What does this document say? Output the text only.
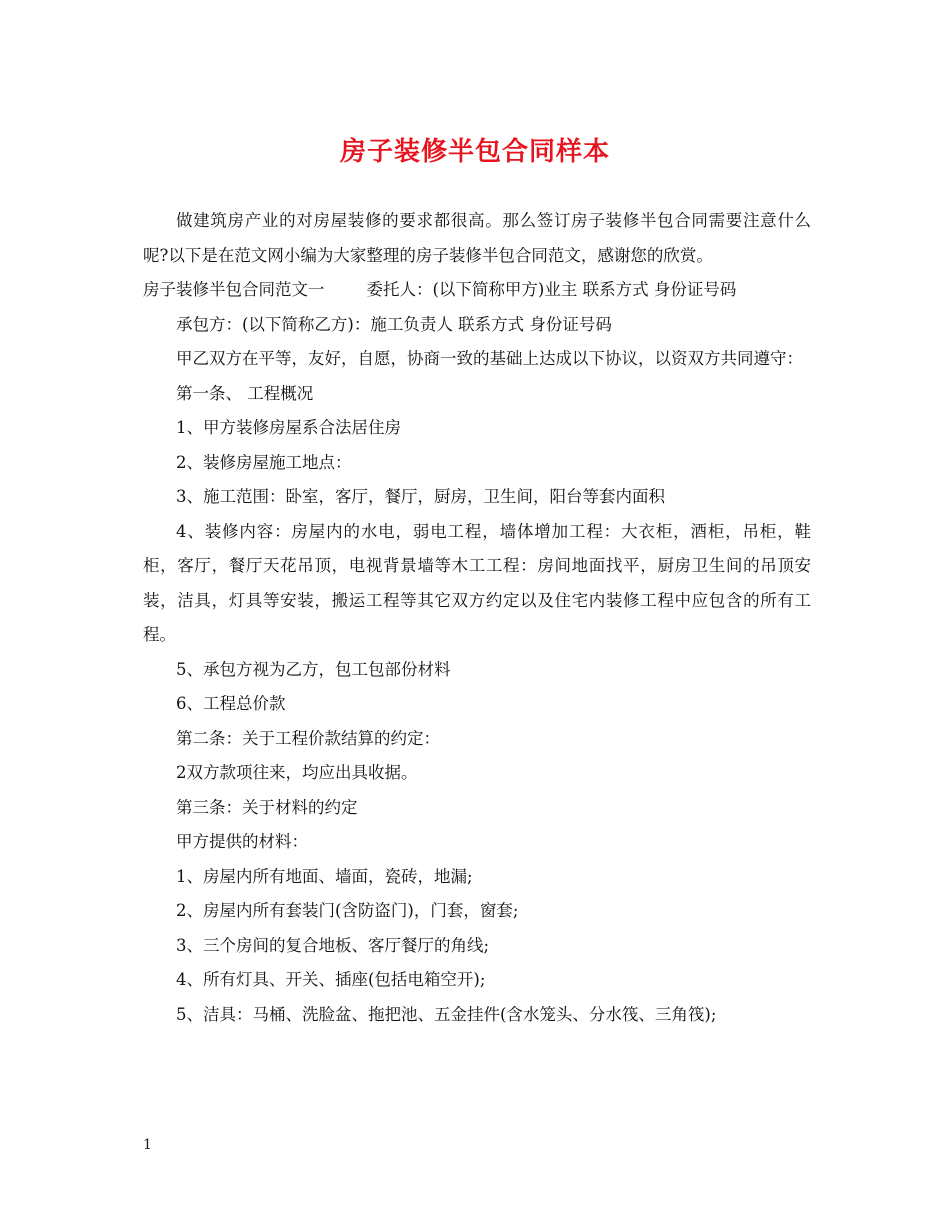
房子装修半包合同样本

做建筑房产业的对房屋装修的要求都很高。那么签订房子装修半包合同需要注意什么呢?以下是在范文网小编为大家整理的房子装修半包合同范文，感谢您的欣赏。

房子装修半包合同范文一	委托人：(以下简称甲方)业主 联系方式 身份证号码

承包方：(以下简称乙方)：施工负责人 联系方式 身份证号码

甲乙双方在平等，友好，自愿，协商一致的基础上达成以下协议，以资双方共同遵守：

第一条、 工程概况

1、甲方装修房屋系合法居住房

2、装修房屋施工地点：

3、施工范围：卧室，客厅，餐厅，厨房，卫生间，阳台等套内面积

4、装修内容：房屋内的水电，弱电工程，墙体增加工程：大衣柜，酒柜，吊柜，鞋柜，客厅，餐厅天花吊顶，电视背景墙等木工工程：房间地面找平，厨房卫生间的吊顶安装，洁具，灯具等安装，搬运工程等其它双方约定以及住宅内装修工程中应包含的所有工程。

5、承包方视为乙方，包工包部份材料

6、工程总价款

第二条：关于工程价款结算的约定：

2双方款项往来，均应出具收据。

第三条：关于材料的约定

甲方提供的材料：

1、房屋内所有地面、墙面，瓷砖，地漏;

2、房屋内所有套装门(含防盗门)，门套，窗套;

3、三个房间的复合地板、客厅餐厅的角线;

4、所有灯具、开关、插座(包括电箱空开);

5、洁具：马桶、洗脸盆、拖把池、五金挂件(含水笼头、分水筏、三角筏);

1
